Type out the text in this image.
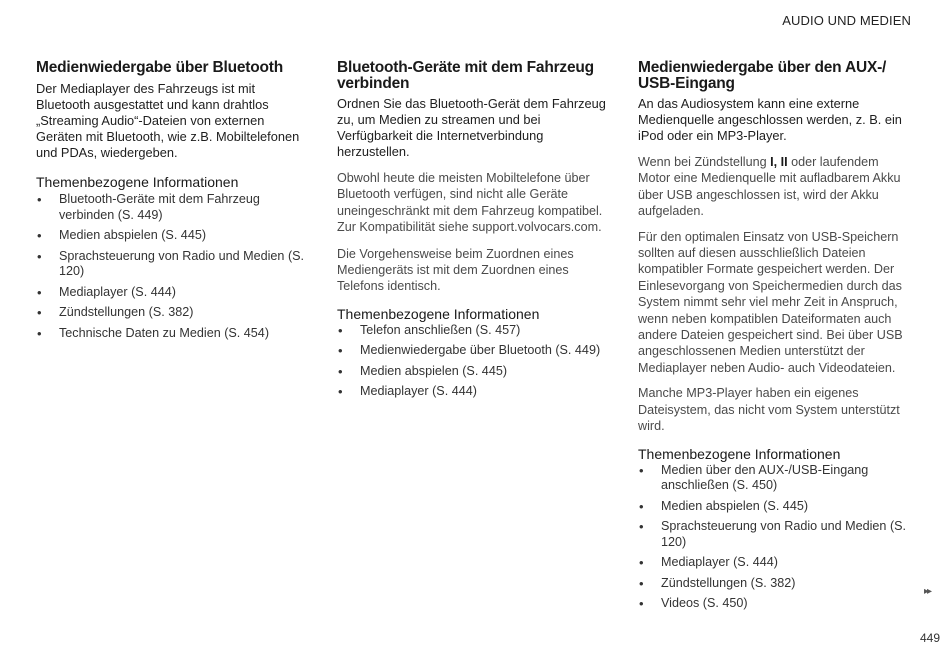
AUDIO UND MEDIEN
Medienwiedergabe über Bluetooth

Der Mediaplayer des Fahrzeugs ist mit Bluetooth ausgestattet und kann drahtlos „Streaming Audio“-Dateien von externen Geräten mit Bluetooth, wie z.B. Mobiltelefonen und PDAs, wiedergeben.

Themenbezogene Informationen
• Bluetooth-Geräte mit dem Fahrzeug verbinden (S. 449)
• Medien abspielen (S. 445)
• Sprachsteuerung von Radio und Medien (S. 120)
• Mediaplayer (S. 444)
• Zündstellungen (S. 382)
• Technische Daten zu Medien (S. 454)
Bluetooth-Geräte mit dem Fahrzeug verbinden

Ordnen Sie das Bluetooth-Gerät dem Fahrzeug zu, um Medien zu streamen und bei Verfügbarkeit die Internetverbindung herzustellen.

Obwohl heute die meisten Mobiltelefone über Bluetooth verfügen, sind nicht alle Geräte uneingeschränkt mit dem Fahrzeug kompatibel. Zur Kompatibilität siehe support.volvocars.com.

Die Vorgehensweise beim Zuordnen eines Mediengeräts ist mit dem Zuordnen eines Telefons identisch.

Themenbezogene Informationen
• Telefon anschließen (S. 457)
• Medienwiedergabe über Bluetooth (S. 449)
• Medien abspielen (S. 445)
• Mediaplayer (S. 444)
Medienwiedergabe über den AUX-/ USB-Eingang

An das Audiosystem kann eine externe Medienquelle angeschlossen werden, z. B. ein iPod oder ein MP3-Player.

Wenn bei Zündstellung I, II oder laufendem Motor eine Medienquelle mit aufladbarem Akku über USB angeschlossen ist, wird der Akku aufgeladen.

Für den optimalen Einsatz von USB-Speichern sollten auf diesen ausschließlich Dateien kompatibler Formate gespeichert werden. Der Einlesevorgang von Speichermedien durch das System nimmt sehr viel mehr Zeit in Anspruch, wenn neben kompatiblen Dateiformaten auch andere Dateien gespeichert sind. Bei über USB angeschlossenen Medien unterstützt der Mediaplayer neben Audio- auch Videodateien.

Manche MP3-Player haben ein eigenes Dateisystem, das nicht vom System unterstützt wird.

Themenbezogene Informationen
• Medien über den AUX-/USB-Eingang anschließen (S. 450)
• Medien abspielen (S. 445)
• Sprachsteuerung von Radio und Medien (S. 120)
• Mediaplayer (S. 444)
• Zündstellungen (S. 382)
• Videos (S. 450)
▸▸
449
